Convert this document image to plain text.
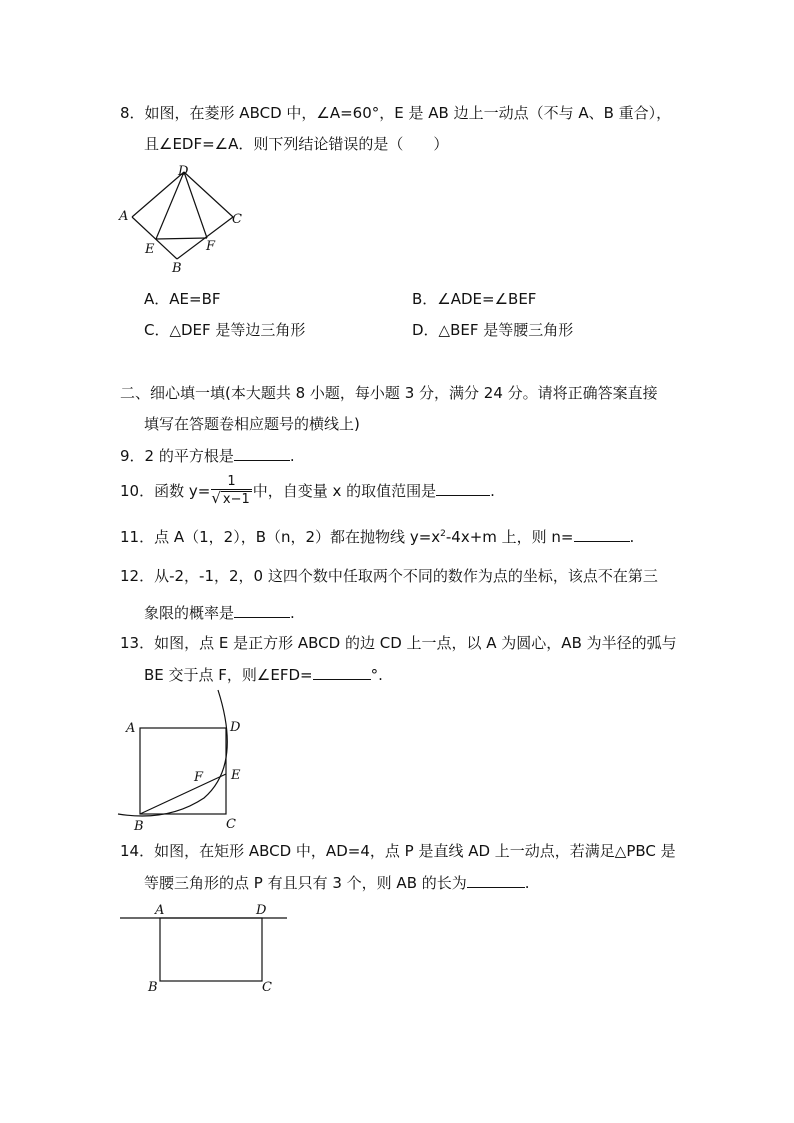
8．如图，在菱形 ABCD 中，∠A=60°，E 是 AB 边上一动点（不与 A、B 重合），
且∠EDF=∠A．则下列结论错误的是（　　）
D
A	C
E	F
B
A．AE=BF	B．∠ADE=∠BEF
C．△DEF 是等边三角形	D．△BEF 是等腰三角形
二、细心填一填(本大题共 8 小题，每小题 3 分，满分 24 分。请将正确答案直接
填写在答题卷相应题号的横线上)
9．2 的平方根是	.
10．函数 $y= \frac{1}{√ x-1}$ 中，自变量 x 的取值范围是	.
11．点 A（1，2），B（n，2）都在抛物线 $y=x^2-4x+m$ 上，则 n=	.
12．从-2，-1，2，0 这四个数中任取两个不同的数作为点的坐标，该点不在第三
象限的概率是	.
13．如图，点 E 是正方形 ABCD 的边 CD 上一点，以 A 为圆心，AB 为半径的弧与
BE 交于点 F，则∠EFD=	°.
A	D
F E
B	C
14．如图，在矩形 ABCD 中，AD=4，点 P 是直线 AD 上一动点，若满足△PBC 是
等腰三角形的点 P 有且只有 3 个，则 AB 的长为	.
A	D
B	C
